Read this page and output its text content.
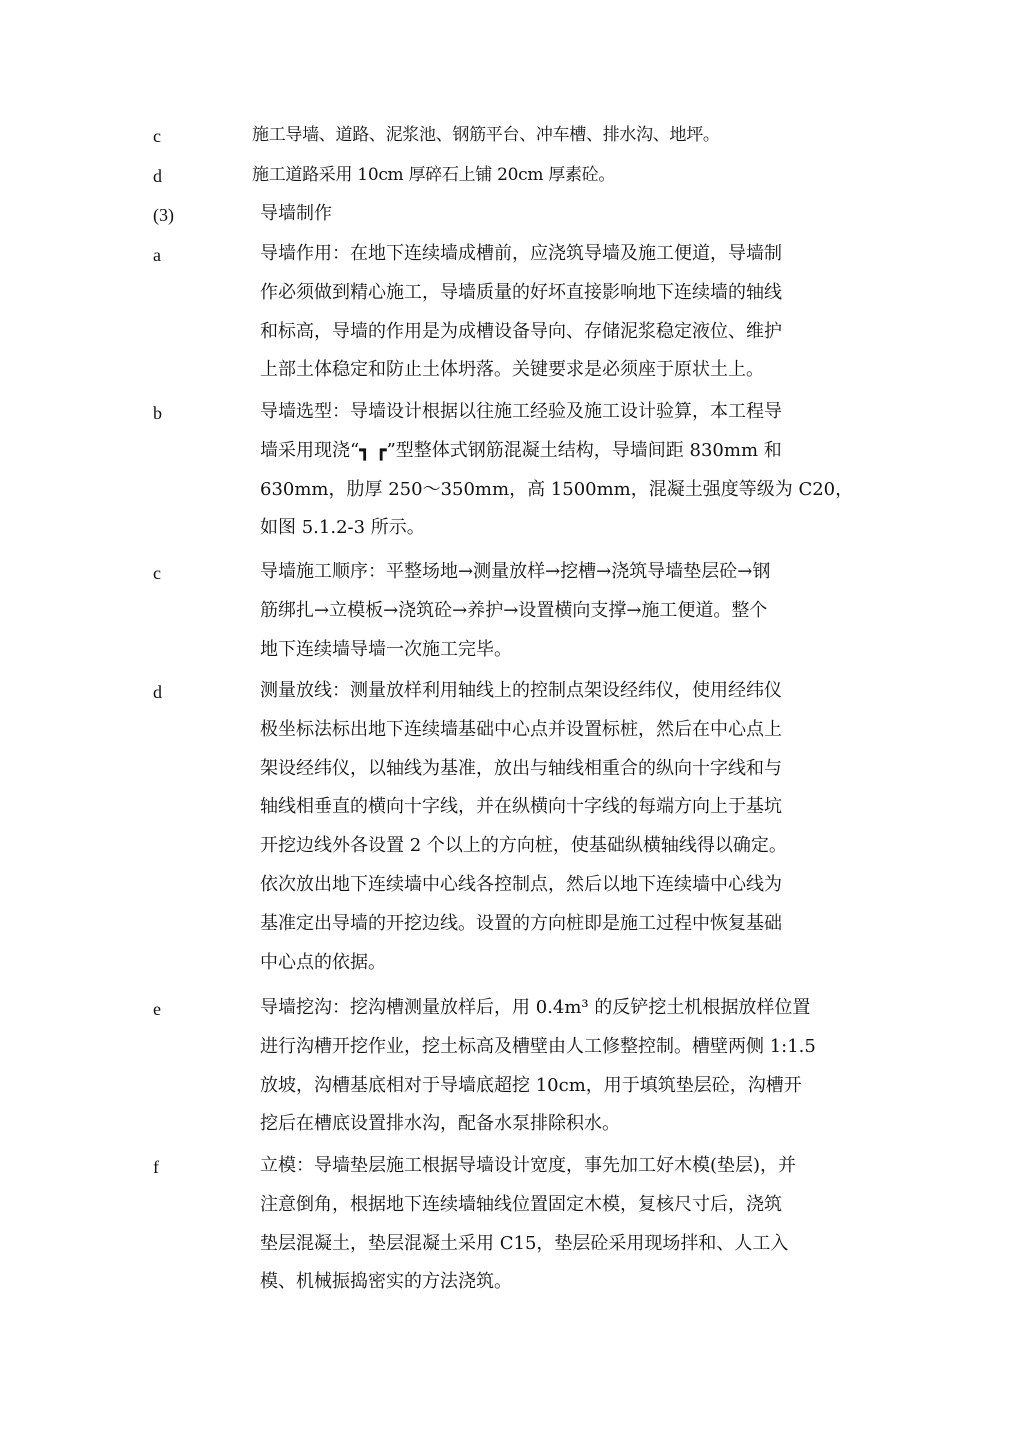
c	施工导墙、道路、泥浆池、钢筋平台、冲车槽、排水沟、地坪。
d	施工道路采用 10cm 厚碎石上铺 20cm 厚素砼。
(3)	导墙制作
a	导墙作用：在地下连续墙成槽前，应浇筑导墙及施工便道，导墙制
作必须做到精心施工，导墙质量的好坏直接影响地下连续墙的轴线
和标高，导墙的作用是为成槽设备导向、存储泥浆稳定液位、维护
上部土体稳定和防止土体坍落。关键要求是必须座于原状土上。
b	导墙选型：导墙设计根据以往施工经验及施工设计验算，本工程导
墙采用现浇“┓ ┏”型整体式钢筋混凝土结构，导墙间距 830mm 和
630mm，肋厚 250～350mm，高 1500mm，混凝土强度等级为 C20，
如图 5.1.2-3 所示。
c	导墙施工顺序：平整场地→测量放样→挖槽→浇筑导墙垫层砼→钢
筋绑扎→立模板→浇筑砼→养护→设置横向支撑→施工便道。整个
地下连续墙导墙一次施工完毕。
d	测量放线：测量放样利用轴线上的控制点架设经纬仪，使用经纬仪
极坐标法标出地下连续墙基础中心点并设置标桩，然后在中心点上
架设经纬仪，以轴线为基准，放出与轴线相重合的纵向十字线和与
轴线相垂直的横向十字线，并在纵横向十字线的每端方向上于基坑
开挖边线外各设置 2 个以上的方向桩，使基础纵横轴线得以确定。
依次放出地下连续墙中心线各控制点，然后以地下连续墙中心线为
基准定出导墙的开挖边线。设置的方向桩即是施工过程中恢复基础
中心点的依据。
e	导墙挖沟：挖沟槽测量放样后，用 0.4m³ 的反铲挖土机根据放样位置
进行沟槽开挖作业，挖土标高及槽壁由人工修整控制。槽壁两侧 1:1.5
放坡，沟槽基底相对于导墙底超挖 10cm，用于填筑垫层砼，沟槽开
挖后在槽底设置排水沟，配备水泵排除积水。
f	立模：导墙垫层施工根据导墙设计宽度，事先加工好木模(垫层)，并
注意倒角，根据地下连续墙轴线位置固定木模，复核尺寸后，浇筑
垫层混凝土，垫层混凝土采用 C15，垫层砼采用现场拌和、人工入
模、机械振捣密实的方法浇筑。
